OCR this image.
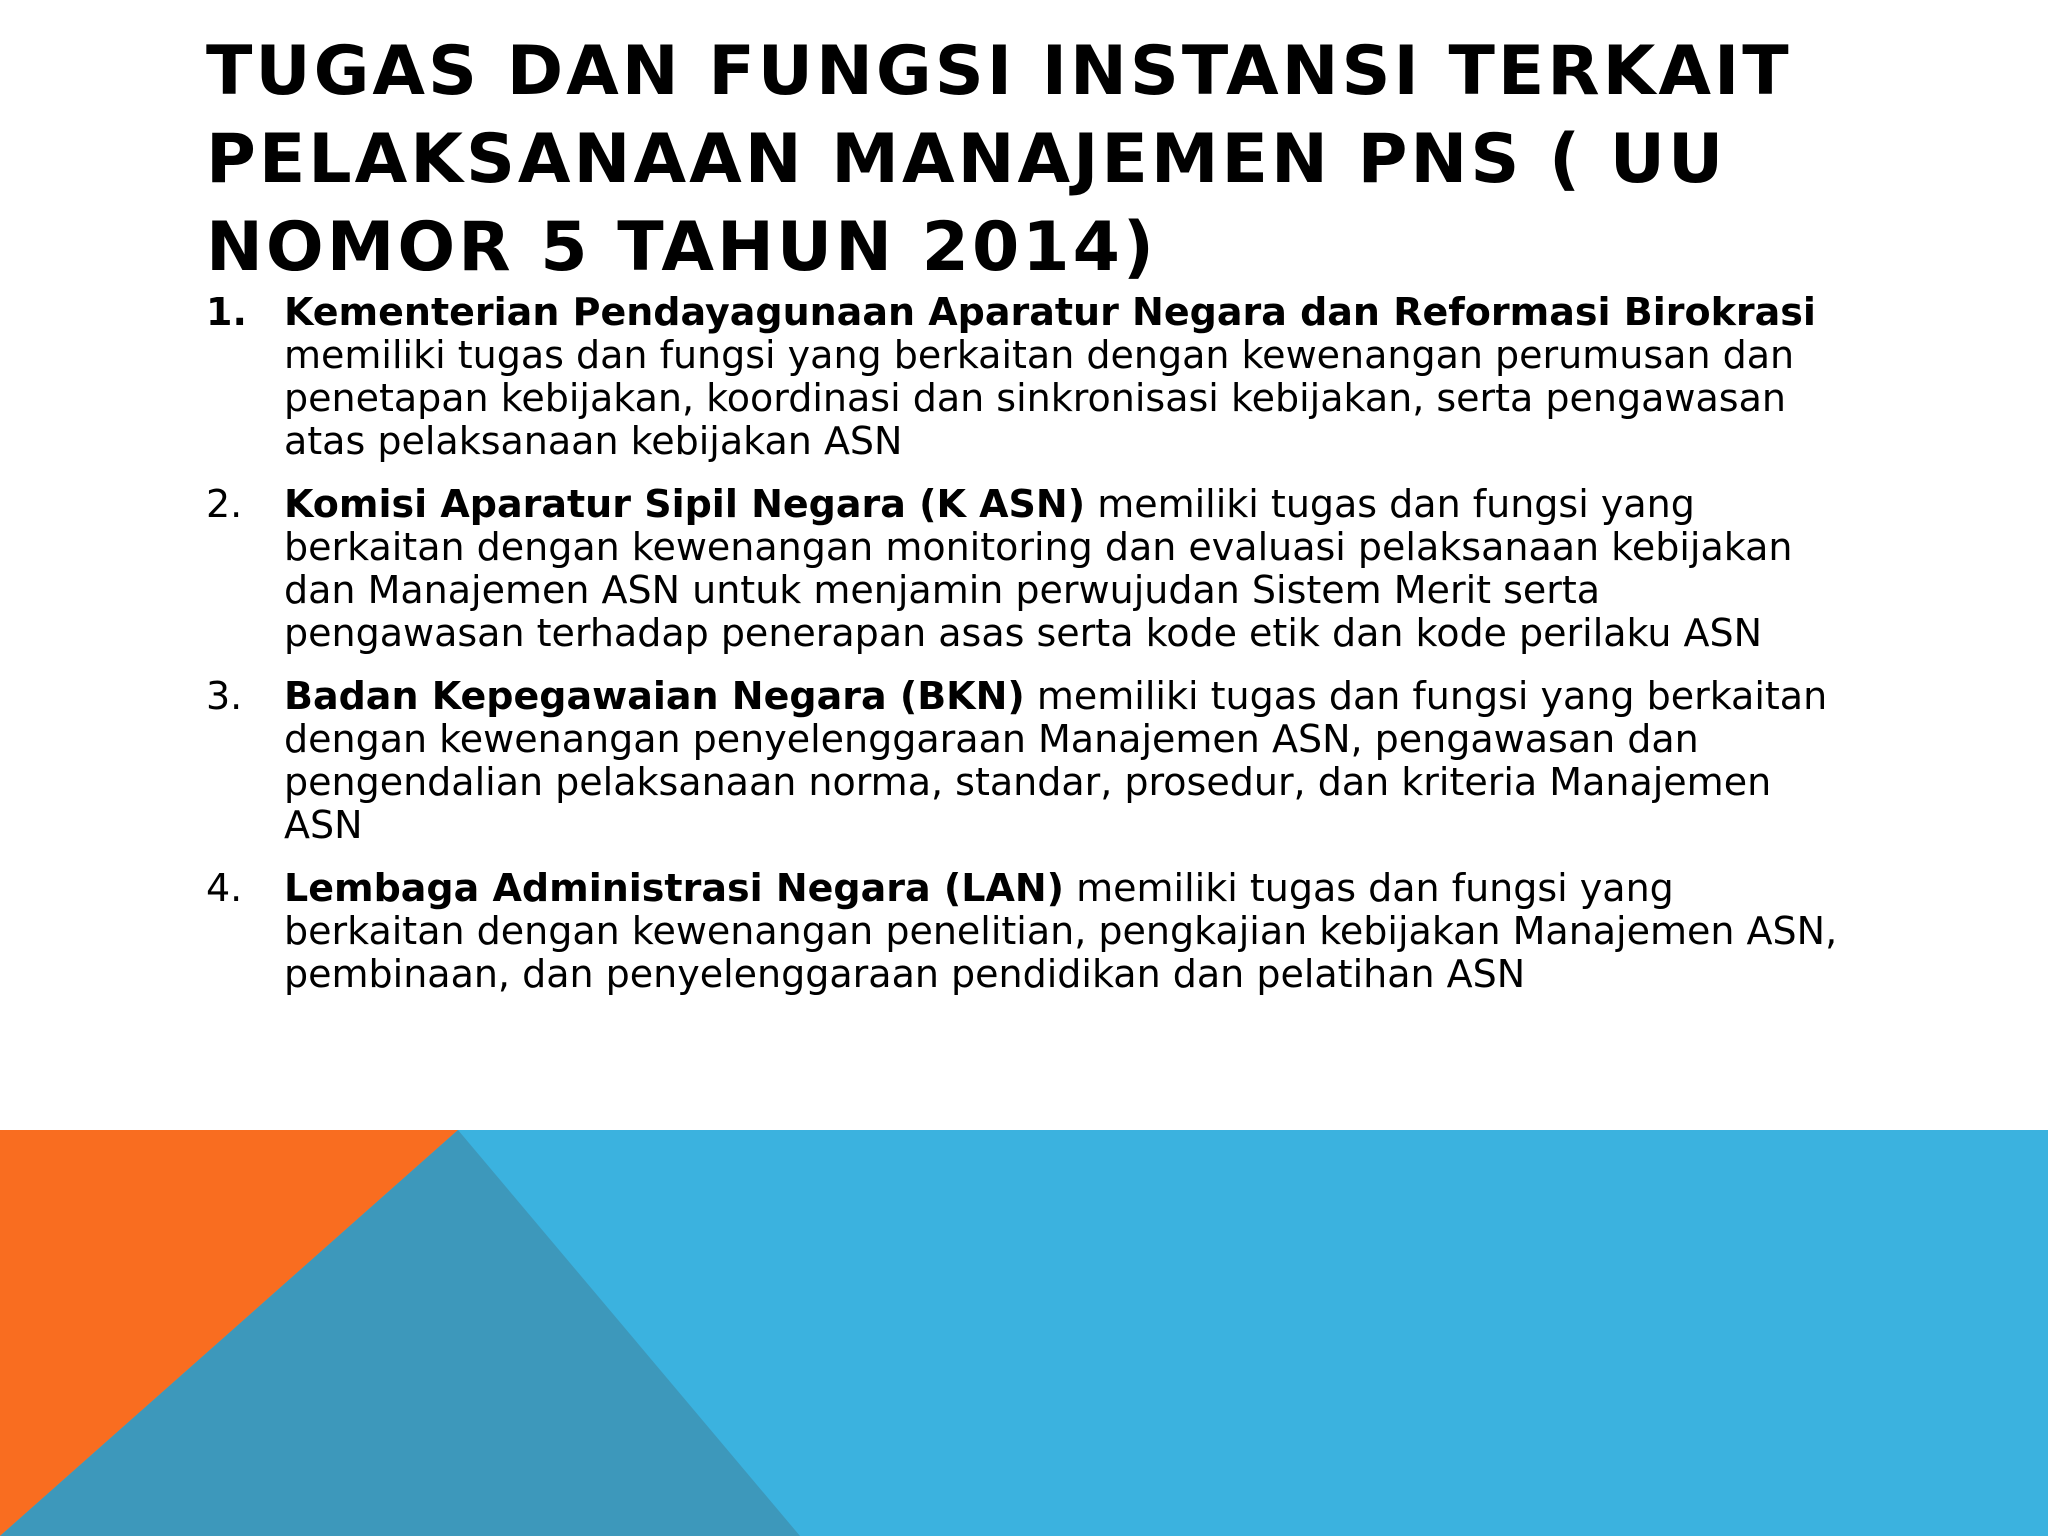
TUGAS DAN FUNGSI INSTANSI TERKAIT PELAKSANAAN MANAJEMEN PNS ( UU NOMOR 5 TAHUN 2014)
1. Kementerian Pendayagunaan Aparatur Negara dan Reformasi Birokrasi memiliki tugas dan fungsi yang berkaitan dengan kewenangan perumusan dan penetapan kebijakan, koordinasi dan sinkronisasi kebijakan, serta pengawasan atas pelaksanaan kebijakan ASN
2.	Komisi Aparatur Sipil Negara (K ASN) memiliki tugas dan fungsi yang berkaitan dengan kewenangan monitoring dan evaluasi pelaksanaan kebijakan dan Manajemen ASN untuk menjamin perwujudan Sistem Merit serta pengawasan terhadap penerapan asas serta kode etik dan kode perilaku ASN
3.	Badan Kepegawaian Negara (BKN) memiliki tugas dan fungsi yang berkaitan dengan kewenangan penyelenggaraan Manajemen ASN, pengawasan dan pengendalian pelaksanaan norma, standar, prosedur, dan kriteria Manajemen ASN
4.	Lembaga Administrasi Negara (LAN) memiliki tugas dan fungsi yang berkaitan dengan kewenangan penelitian, pengkajian kebijakan Manajemen ASN, pembinaan, dan penyelenggaraan pendidikan dan pelatihan ASN
